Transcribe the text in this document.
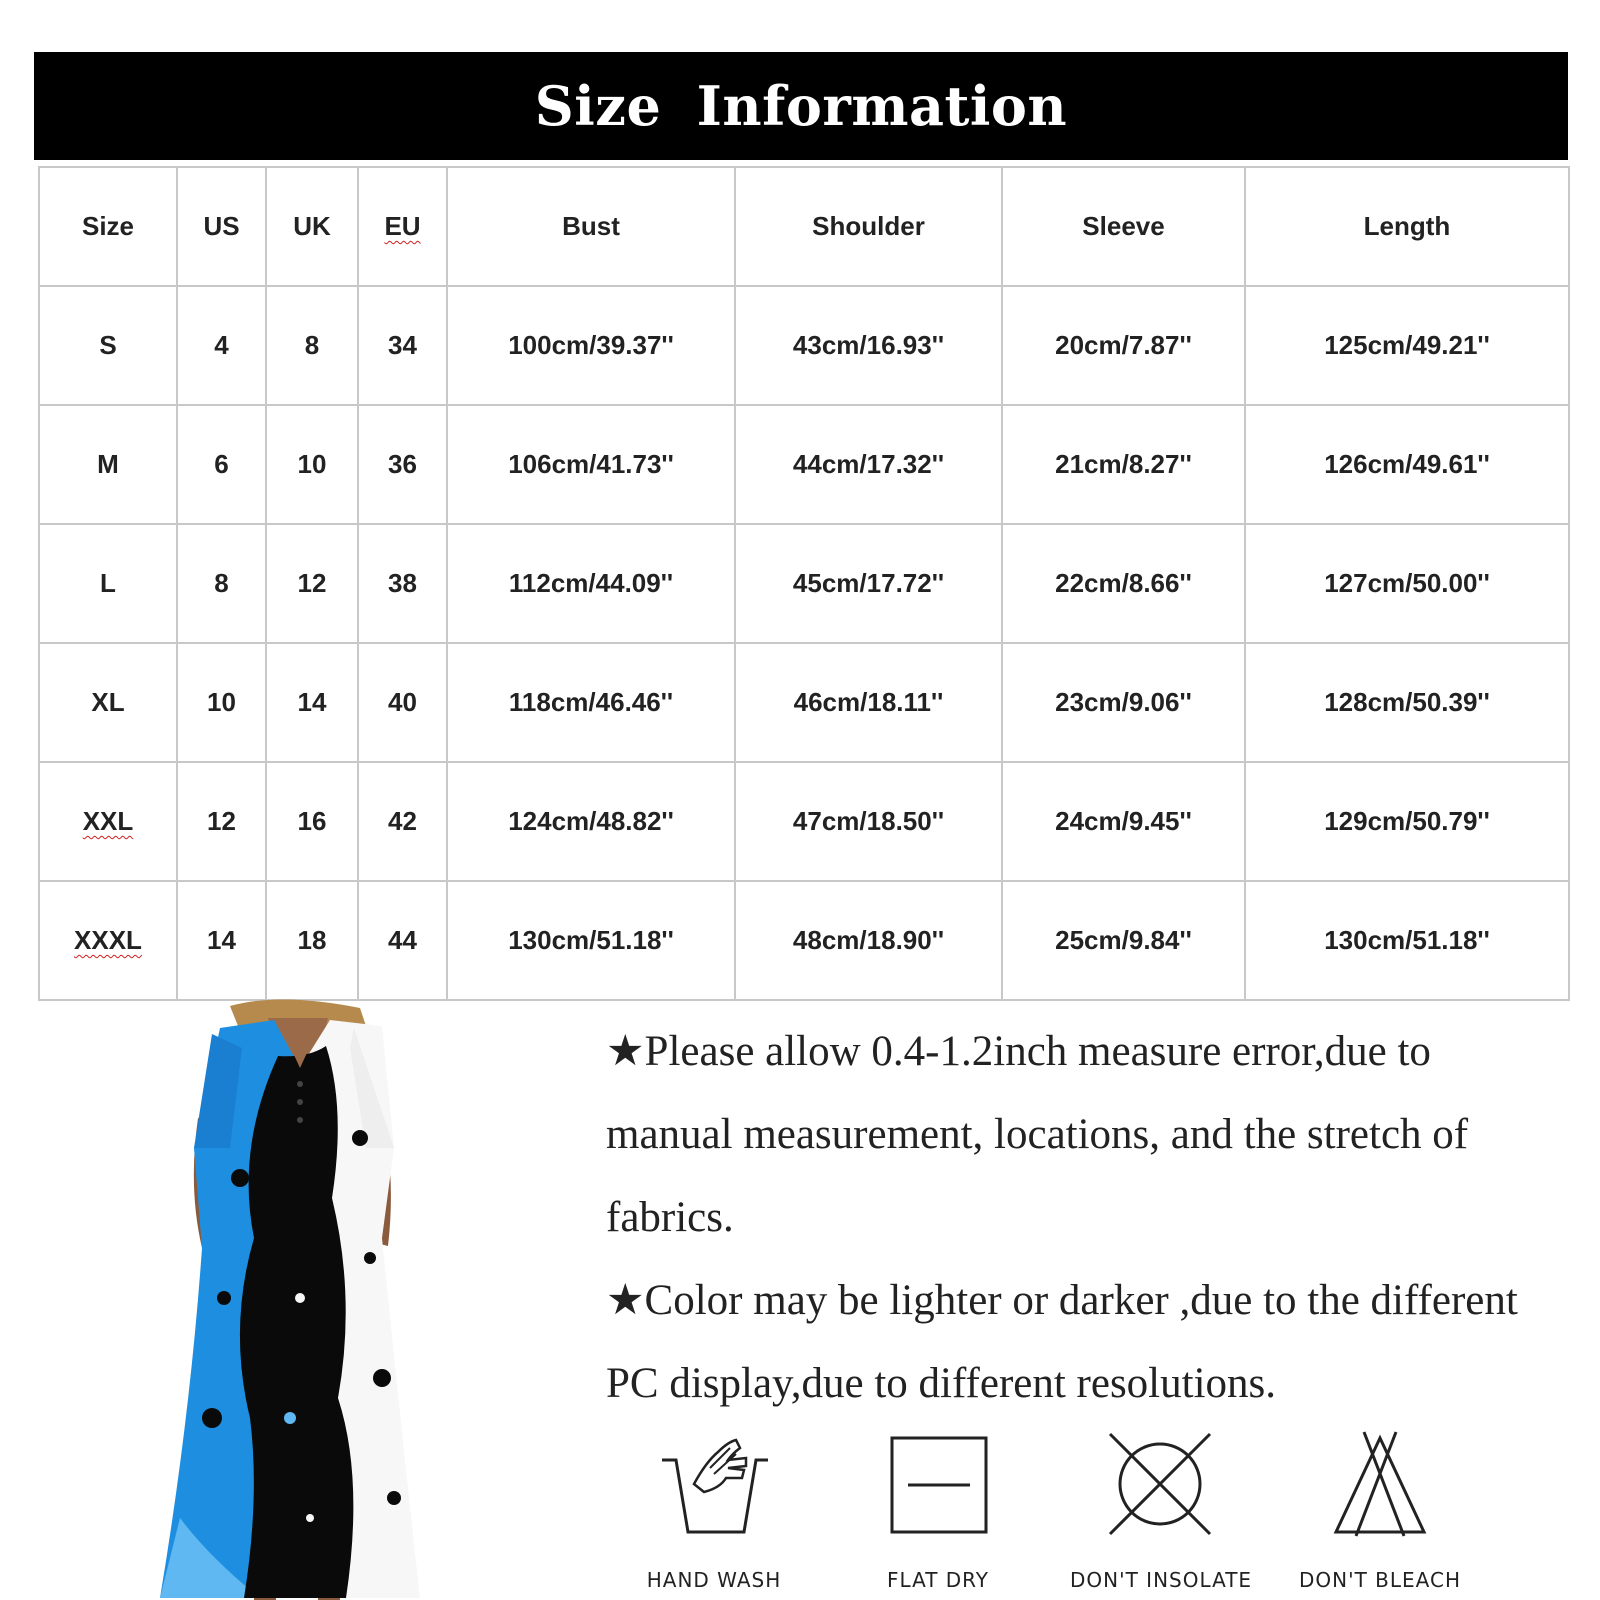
Size Information
Size	US	UK	EU	Bust	Shoulder	Sleeve	Length
S	4	8	34	100cm/39.37''	43cm/16.93''	20cm/7.87''	125cm/49.21''
M	6	10	36	106cm/41.73''	44cm/17.32''	21cm/8.27''	126cm/49.61''
L	8	12	38	112cm/44.09''	45cm/17.72''	22cm/8.66''	127cm/50.00''
XL	10	14	40	118cm/46.46''	46cm/18.11''	23cm/9.06''	128cm/50.39''
XXL	12	16	42	124cm/48.82''	47cm/18.50''	24cm/9.45''	129cm/50.79''
XXXL	14	18	44	130cm/51.18''	48cm/18.90''	25cm/9.84''	130cm/51.18''

★Please allow 0.4-1.2inch measure error,due to manual measurement, locations, and the stretch of fabrics.

★Color may be lighter or darker ,due to the different PC display,due to different resolutions.

HAND WASH	FLAT DRY	DON'T INSOLATE	DON'T BLEACH
